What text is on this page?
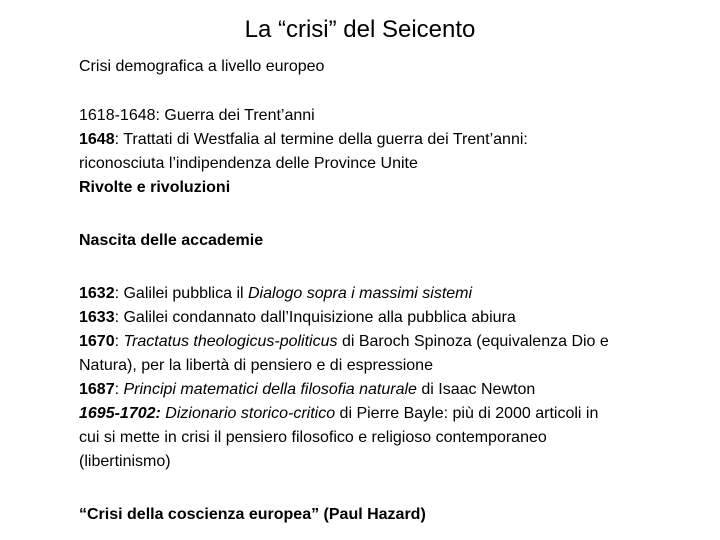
La “crisi” del Seicento
Crisi demografica a livello europeo
1618-1648: Guerra dei Trent’anni
1648: Trattati di Westfalia al termine della guerra dei Trent’anni:
riconosciuta l’indipendenza delle Province Unite
Rivolte e rivoluzioni
Nascita delle accademie
1632: Galilei pubblica il Dialogo sopra i massimi sistemi
1633: Galilei condannato dall’Inquisizione alla pubblica abiura
1670: Tractatus theologicus-politicus di Baroch Spinoza (equivalenza Dio e
Natura), per la libertà di pensiero e di espressione
1687: Principi matematici della filosofia naturale di Isaac Newton
1695-1702: Dizionario storico-critico di Pierre Bayle: più di 2000 articoli in
cui si mette in crisi il pensiero filosofico e religioso contemporaneo
(libertinismo)
“Crisi della coscienza europea” (Paul Hazard)
